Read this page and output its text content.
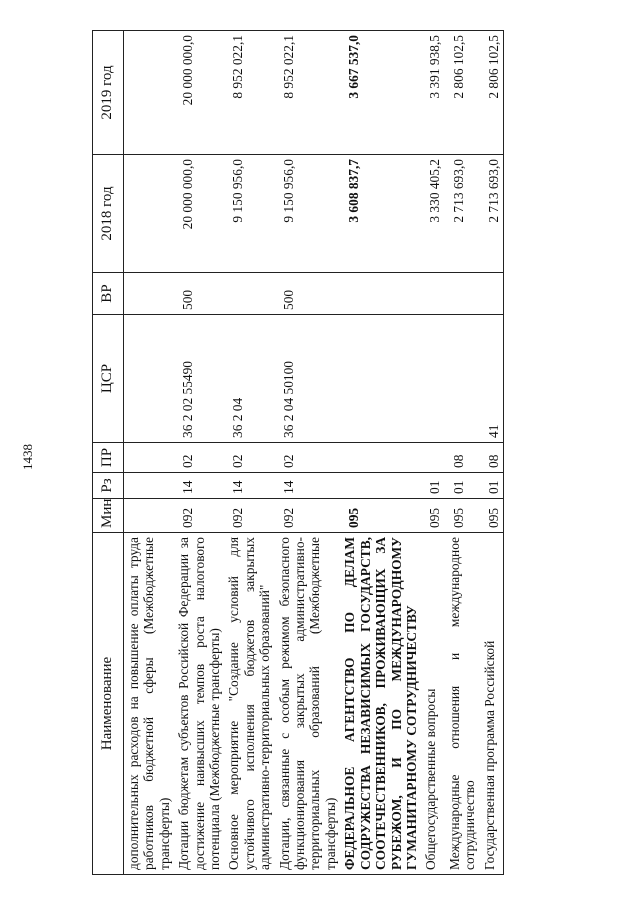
1438
Наименование	Мин	Рз	ПР	ЦСР	ВР	2018 год	2019 год
дополнительных расходов на повышение оплаты труда работников бюджетной сферы (Межбюджетные трансферты)							
Дотации бюджетам субъектов Российской Федерации за достижение наивысших темпов роста налогового потенциала (Межбюджетные трансферты)	092	14	02	36 2 02 55490	500	20 000 000,0	20 000 000,0
Основное мероприятие "Создание условий для устойчивого исполнения бюджетов закрытых административно-территориальных образований"	092	14	02	36 2 04		9 150 956,0	8 952 022,1
Дотации, связанные с особым режимом безопасного функционирования закрытых административно-территориальных образований (Межбюджетные трансферты)	092	14	02	36 2 04 50100	500	9 150 956,0	8 952 022,1
ФЕДЕРАЛЬНОЕ АГЕНТСТВО ПО ДЕЛАМ СОДРУЖЕСТВА НЕЗАВИСИМЫХ ГОСУДАРСТВ, СООТЕЧЕСТВЕННИКОВ, ПРОЖИВАЮЩИХ ЗА РУБЕЖОМ, И ПО МЕЖДУНАРОДНОМУ ГУМАНИТАРНОМУ СОТРУДНИЧЕСТВУ	095					3 608 837,7	3 667 537,0
Общегосударственные вопросы	095	01				3 330 405,2	3 391 938,5
Международные отношения и международное сотрудничество	095	01	08			2 713 693,0	2 806 102,5
Государственная программа Российской	095	01	08	41		2 713 693,0	2 806 102,5
